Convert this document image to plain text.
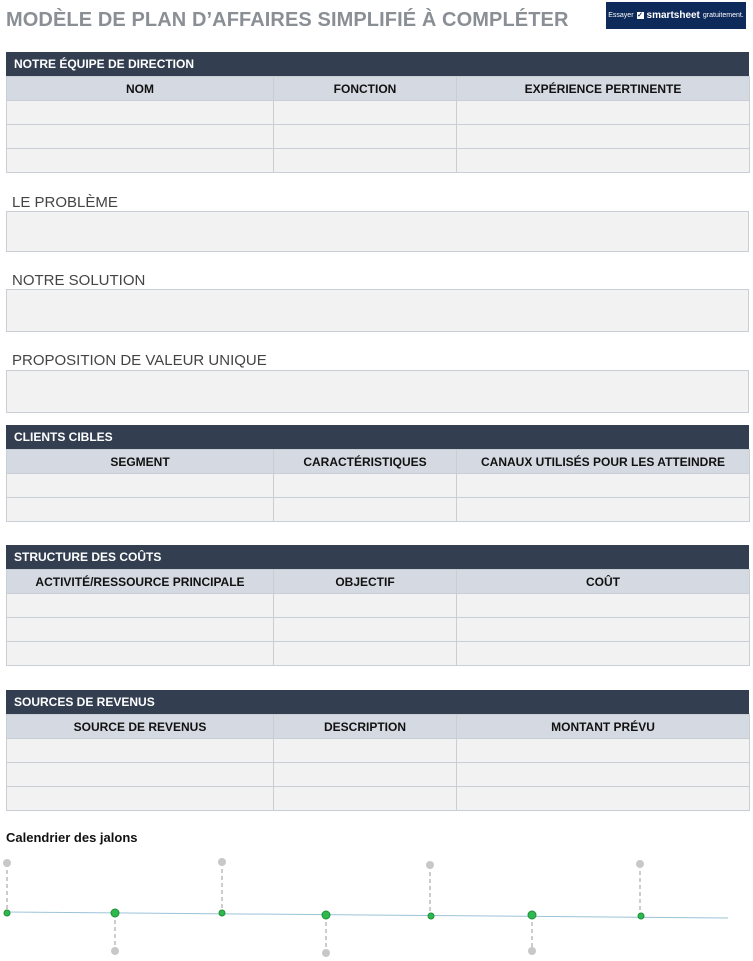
MODÈLE DE PLAN D’AFFAIRES SIMPLIFIÉ À COMPLÉTER	Essayer ✓ smartsheet gratuitement.
NOTRE ÉQUIPE DE DIRECTION
NOM	FONCTION	EXPÉRIENCE PERTINENTE

LE PROBLÈME
NOTRE SOLUTION
PROPOSITION DE VALEUR UNIQUE
CLIENTS CIBLES
SEGMENT	CARACTÉRISTIQUES	CANAUX UTILISÉS POUR LES ATTEINDRE

STRUCTURE DES COÛTS
ACTIVITÉ/RESSOURCE PRINCIPALE	OBJECTIF	COÛT

SOURCES DE REVENUS
SOURCE DE REVENUS	DESCRIPTION	MONTANT PRÉVU

Calendrier des jalons
